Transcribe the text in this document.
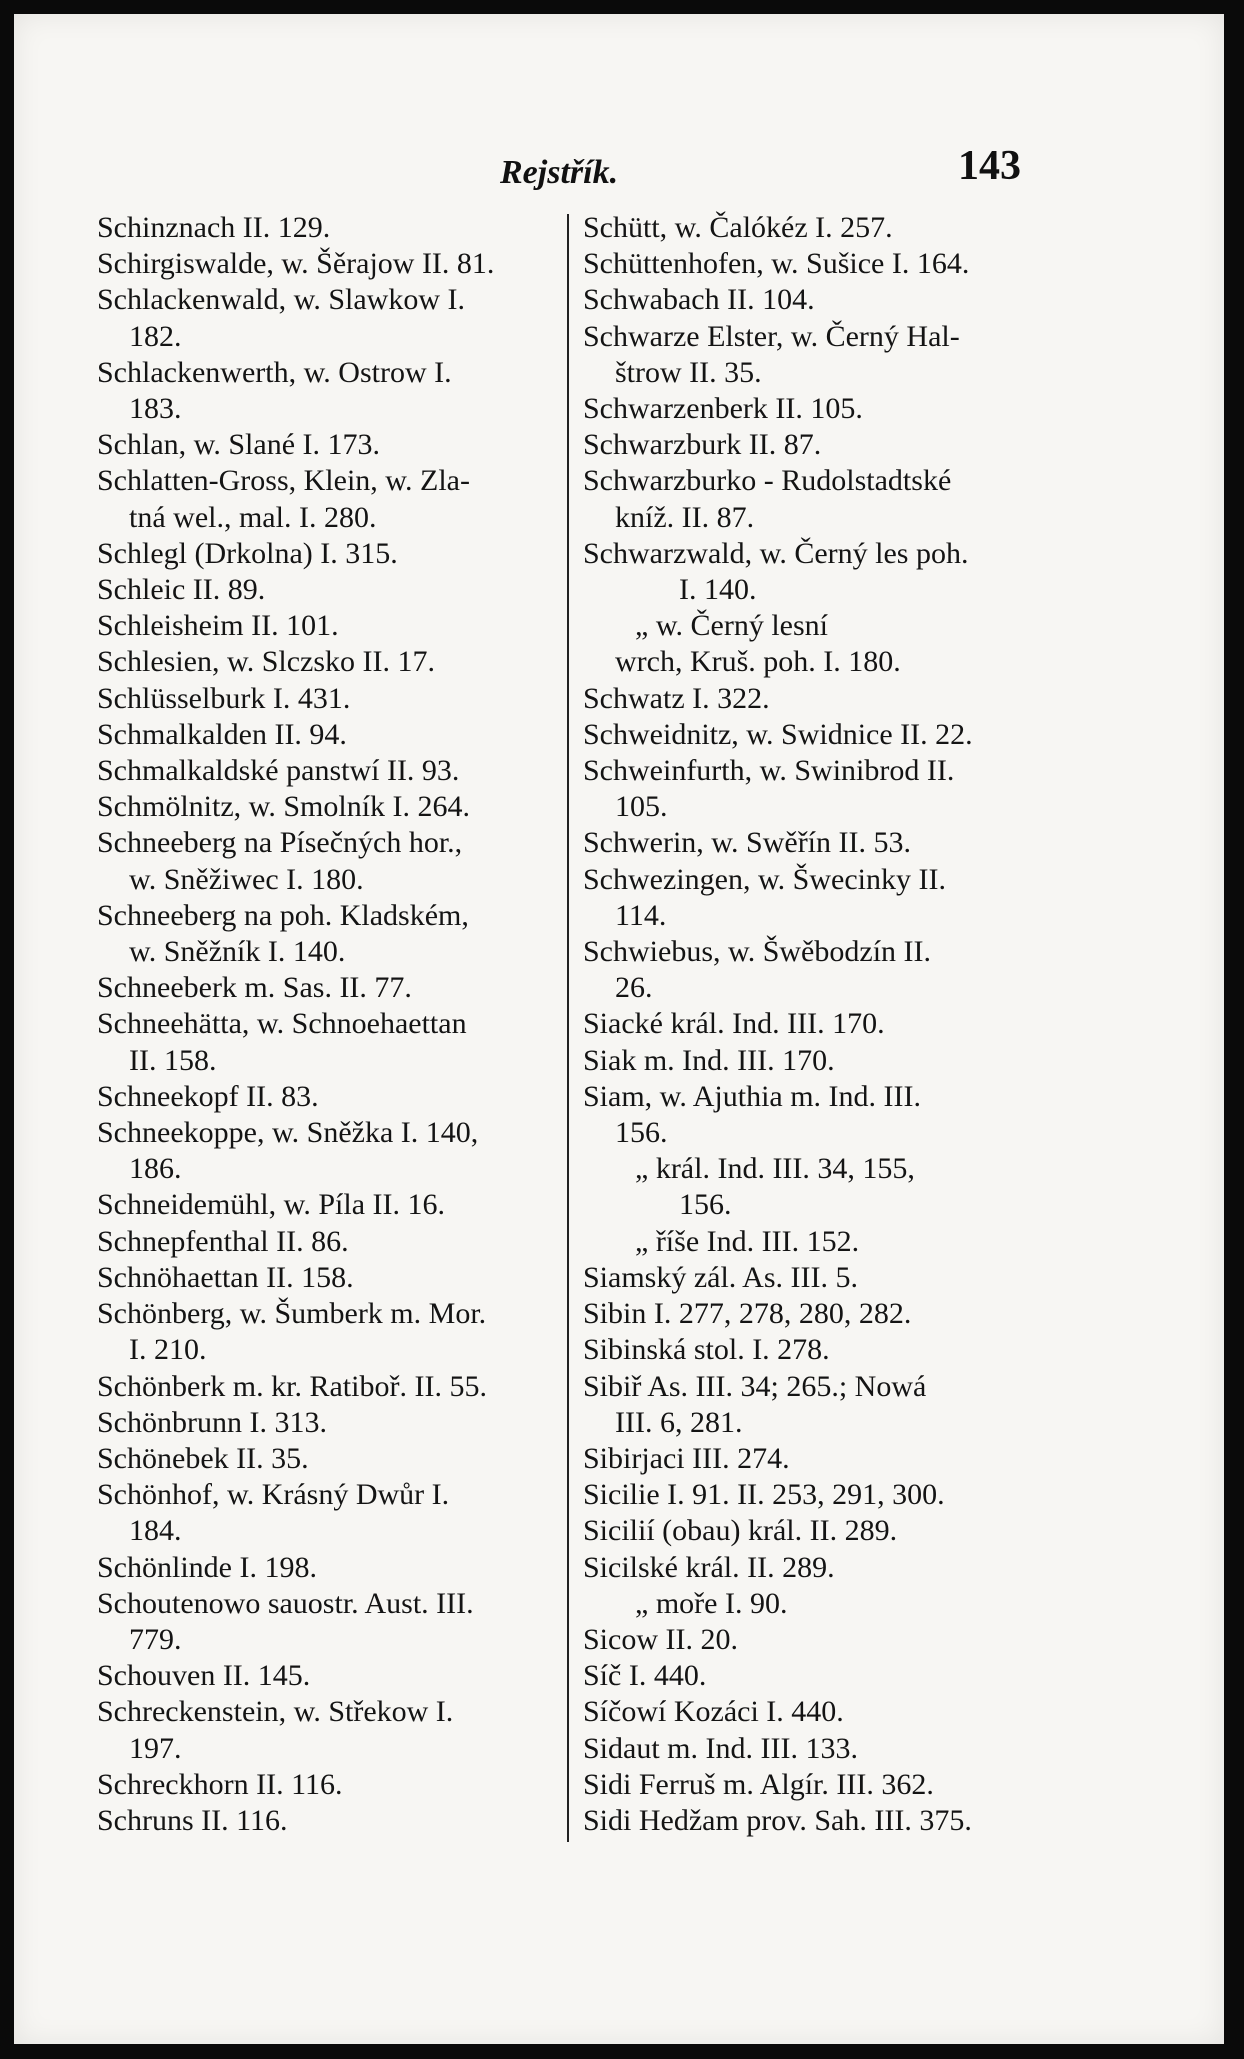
Rejstřík.	143
Schinznach II. 129.
Schirgiswalde, w. Šěrajow II. 81.
Schlackenwald, w. Slawkow I.
182.
Schlackenwerth, w. Ostrow I.
183.
Schlan, w. Slané I. 173.
Schlatten-Gross, Klein, w. Zla-
tná wel., mal. I. 280.
Schlegl (Drkolna) I. 315.
Schleic II. 89.
Schleisheim II. 101.
Schlesien, w. Slczsko II. 17.
Schlüsselburk I. 431.
Schmalkalden II. 94.
Schmalkaldské panstwí II. 93.
Schmölnitz, w. Smolník I. 264.
Schneeberg na Písečných hor.,
w. Sněžiwec I. 180.
Schneeberg na poh. Kladském,
w. Sněžník I. 140.
Schneeberk m. Sas. II. 77.
Schneehätta, w. Schnoehaettan
II. 158.
Schneekopf II. 83.
Schneekoppe, w. Sněžka I. 140,
186.
Schneidemühl, w. Píla II. 16.
Schnepfenthal II. 86.
Schnöhaettan II. 158.
Schönberg, w. Šumberk m. Mor.
I. 210.
Schönberk m. kr. Ratiboř. II. 55.
Schönbrunn I. 313.
Schönebek II. 35.
Schönhof, w. Krásný Dwůr I.
184.
Schönlinde I. 198.
Schoutenowo sauostr. Aust. III.
779.
Schouven II. 145.
Schreckenstein, w. Střekow I.
197.
Schreckhorn II. 116.
Schruns II. 116.
Schütt, w. Čalókéz I. 257.
Schüttenhofen, w. Sušice I. 164.
Schwabach II. 104.
Schwarze Elster, w. Černý Hal-
štrow II. 35.
Schwarzenberk II. 105.
Schwarzburk II. 87.
Schwarzburko - Rudolstadtské
kníž. II. 87.
Schwarzwald, w. Černý les poh.
I. 140.
„ w. Černý lesní
wrch, Kruš. poh. I. 180.
Schwatz I. 322.
Schweidnitz, w. Swidnice II. 22.
Schweinfurth, w. Swinibrod II.
105.
Schwerin, w. Swěřín II. 53.
Schwezingen, w. Šwecinky II.
114.
Schwiebus, w. Šwěbodzín II.
26.
Siacké král. Ind. III. 170.
Siak m. Ind. III. 170.
Siam, w. Ajuthia m. Ind. III.
156.
„ král. Ind. III. 34, 155,
156.
„ říše Ind. III. 152.
Siamský zál. As. III. 5.
Sibin I. 277, 278, 280, 282.
Sibinská stol. I. 278.
Sibiř As. III. 34; 265.; Nowá
III. 6, 281.
Sibirjaci III. 274.
Sicilie I. 91. II. 253, 291, 300.
Sicilií (obau) král. II. 289.
Sicilské král. II. 289.
„ moře I. 90.
Sicow II. 20.
Síč I. 440.
Síčowí Kozáci I. 440.
Sidaut m. Ind. III. 133.
Sidi Ferruš m. Algír. III. 362.
Sidi Hedžam prov. Sah. III. 375.
